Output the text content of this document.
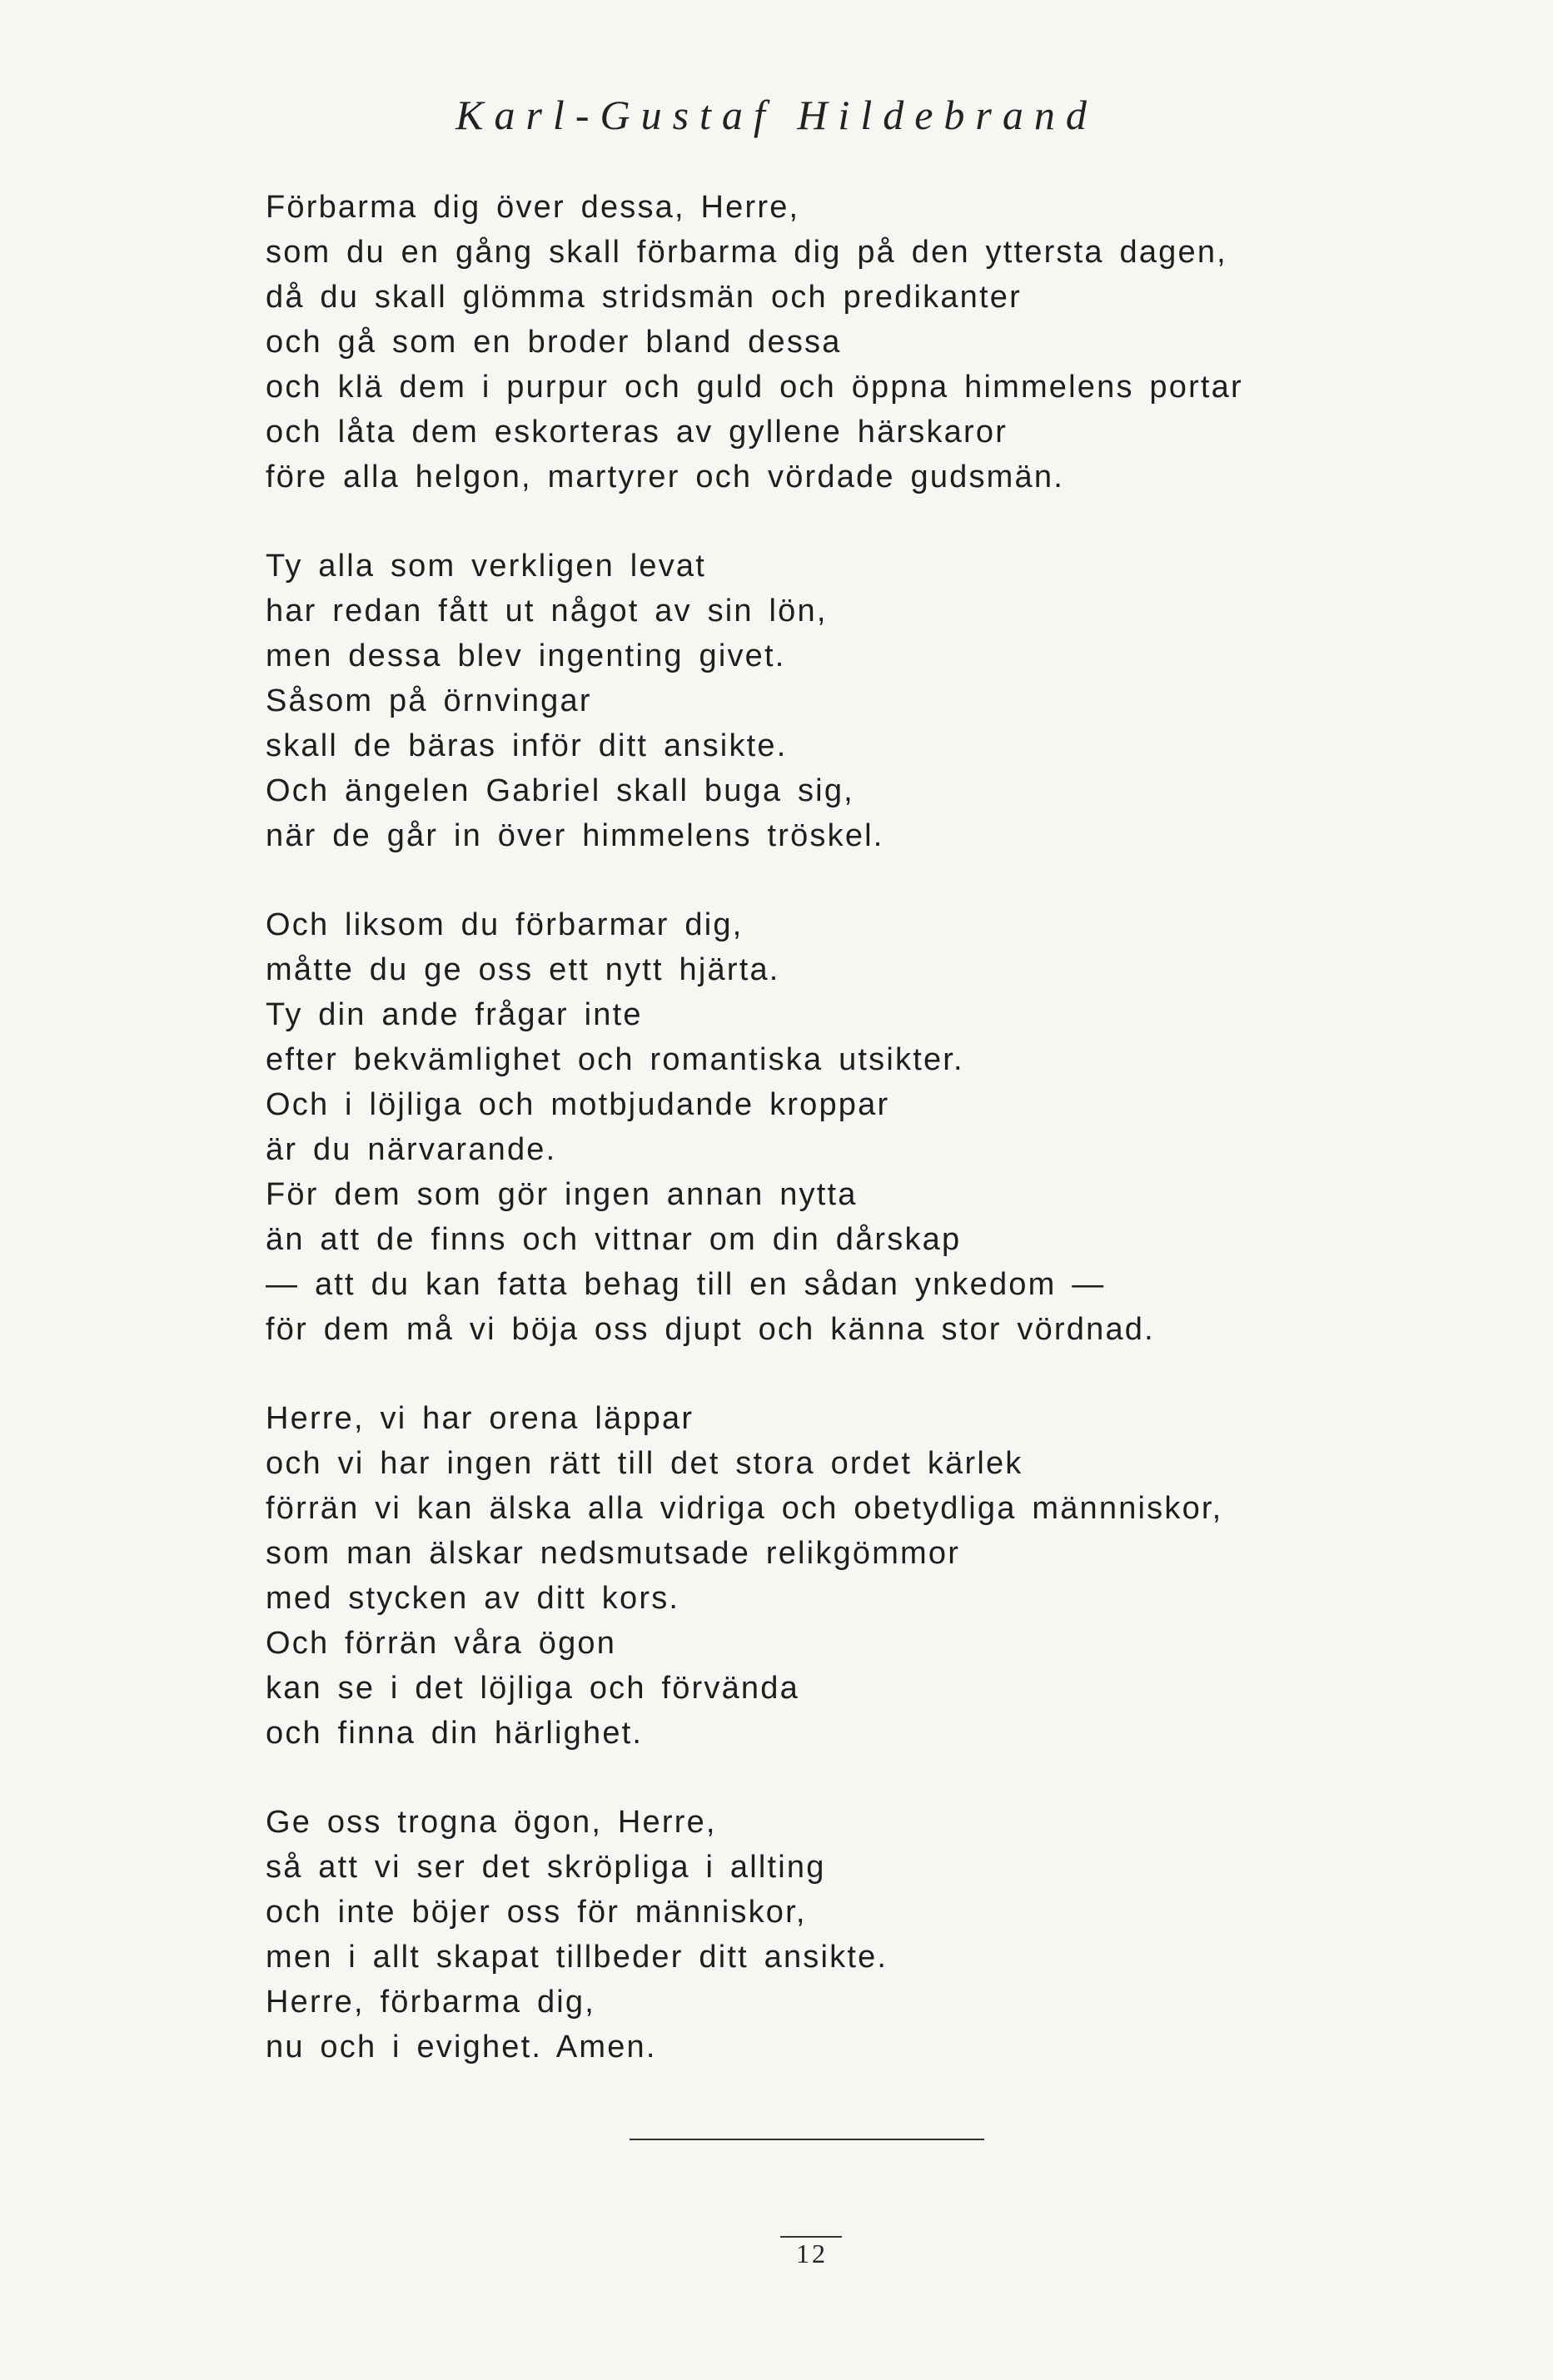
Karl-Gustaf Hildebrand
Förbarma dig över dessa, Herre,
som du en gång skall förbarma dig på den yttersta dagen,
då du skall glömma stridsmän och predikanter
och gå som en broder bland dessa
och klä dem i purpur och guld och öppna himmelens portar
och låta dem eskorteras av gyllene härskaror
före alla helgon, martyrer och vördade gudsmän.
Ty alla som verkligen levat
har redan fått ut något av sin lön,
men dessa blev ingenting givet.
Såsom på örnvingar
skall de bäras inför ditt ansikte.
Och ängelen Gabriel skall buga sig,
när de går in över himmelens tröskel.
Och liksom du förbarmar dig,
måtte du ge oss ett nytt hjärta.
Ty din ande frågar inte
efter bekvämlighet och romantiska utsikter.
Och i löjliga och motbjudande kroppar
är du närvarande.
För dem som gör ingen annan nytta
än att de finns och vittnar om din dårskap
— att du kan fatta behag till en sådan ynkedom —
för dem må vi böja oss djupt och känna stor vördnad.
Herre, vi har orena läppar
och vi har ingen rätt till det stora ordet kärlek
förrän vi kan älska alla vidriga och obetydliga männniskor,
som man älskar nedsmutsade relikgömmor
med stycken av ditt kors.
Och förrän våra ögon
kan se i det löjliga och förvända
och finna din härlighet.
Ge oss trogna ögon, Herre,
så att vi ser det skröpliga i allting
och inte böjer oss för människor,
men i allt skapat tillbeder ditt ansikte.
Herre, förbarma dig,
nu och i evighet. Amen.
12
